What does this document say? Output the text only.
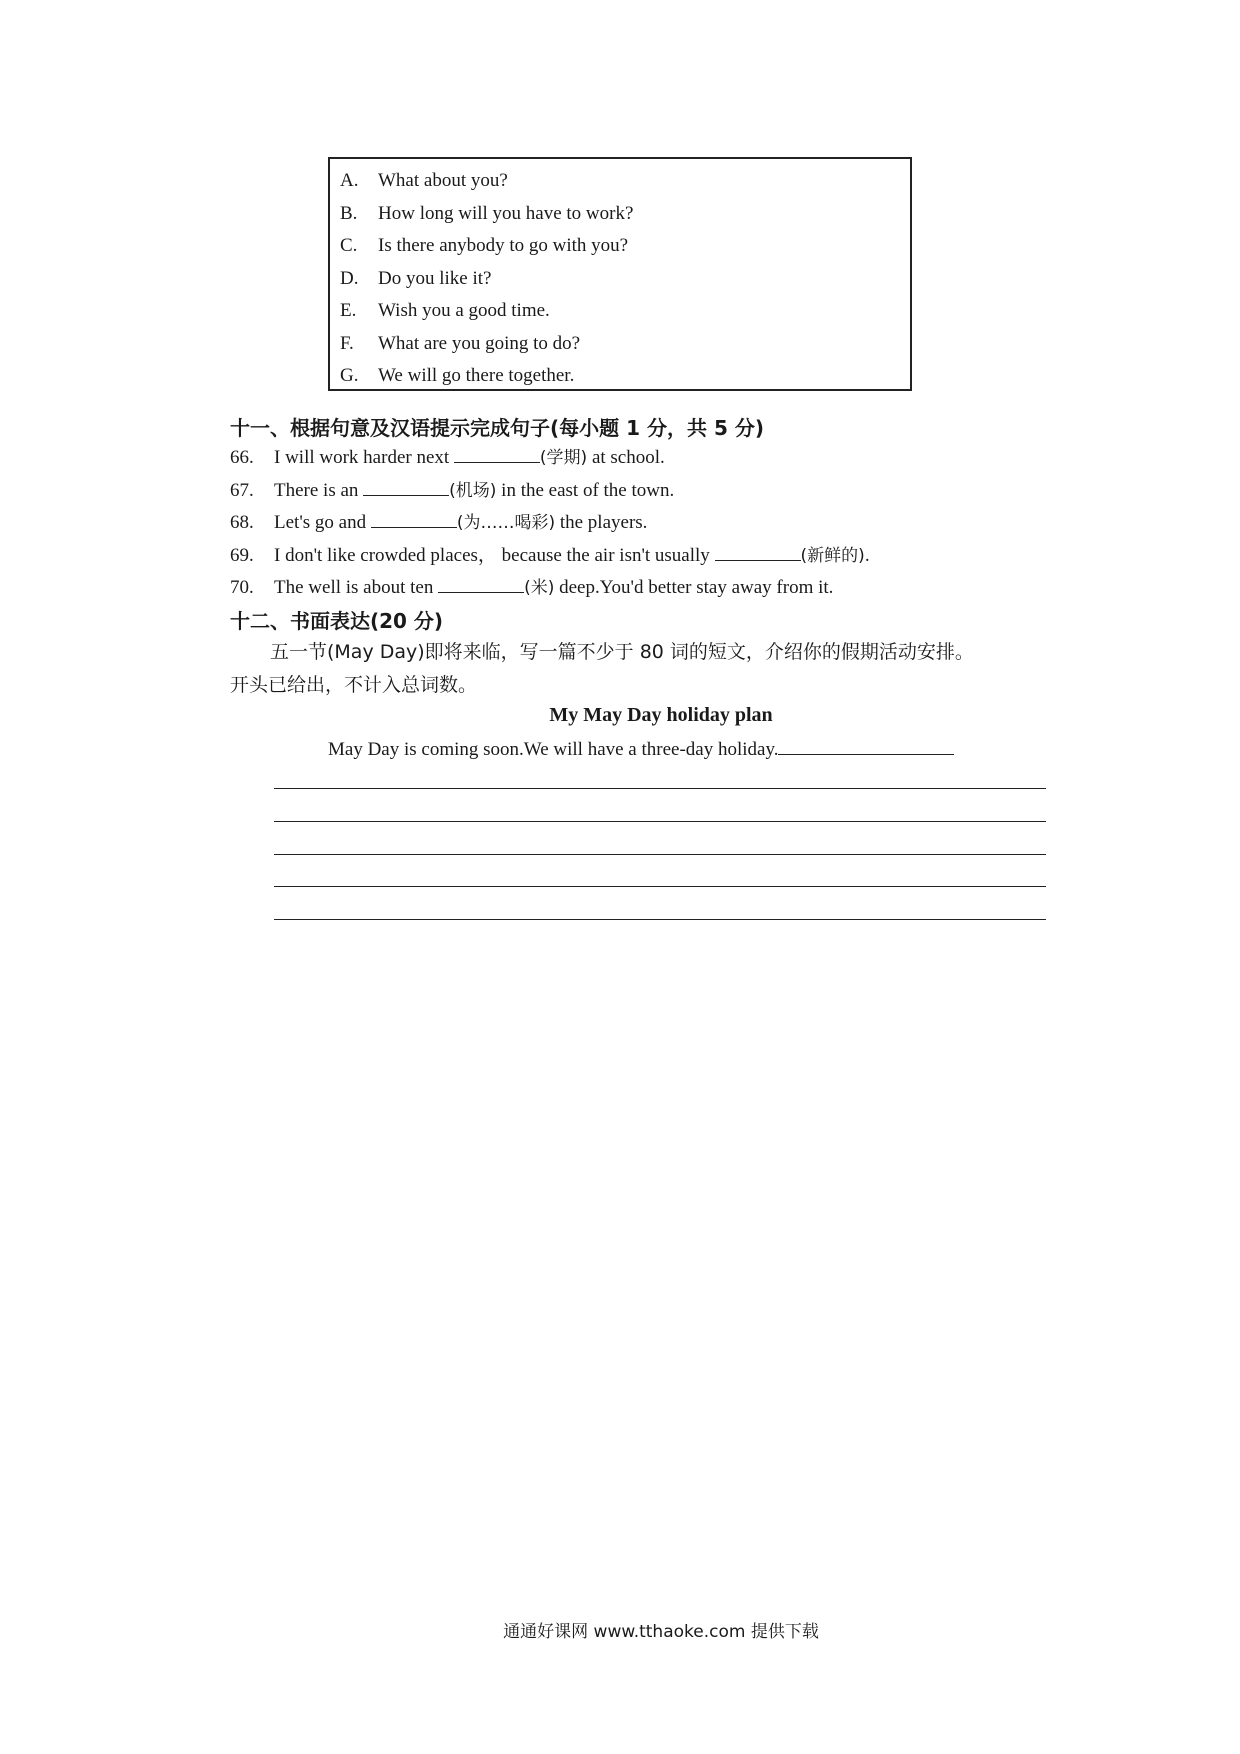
A. What about you?
B. How long will you have to work?
C. Is there anybody to go with you?
D. Do you like it?
E. Wish you a good time.
F. What are you going to do?
G. We will go there together.
十一、根据句意及汉语提示完成句子(每小题 1 分，共 5 分)
66. I will work harder next	(学期) at school.
67. There is an	(机场) in the east of the town.
68. Let's go and	(为……喝彩) the players.
69. I don't like crowded places， because the air isn't usually	(新鲜的).
70. The well is about ten	(米) deep.You'd better stay away from it.
十二、书面表达(20 分)
五一节(May Day)即将来临，写一篇不少于 80 词的短文，介绍你的假期活动安排。
开头已给出，不计入总词数。
My May Day holiday plan
May Day is coming soon.We will have a three-day holiday.
通通好课网 www.tthaoke.com 提供下载
